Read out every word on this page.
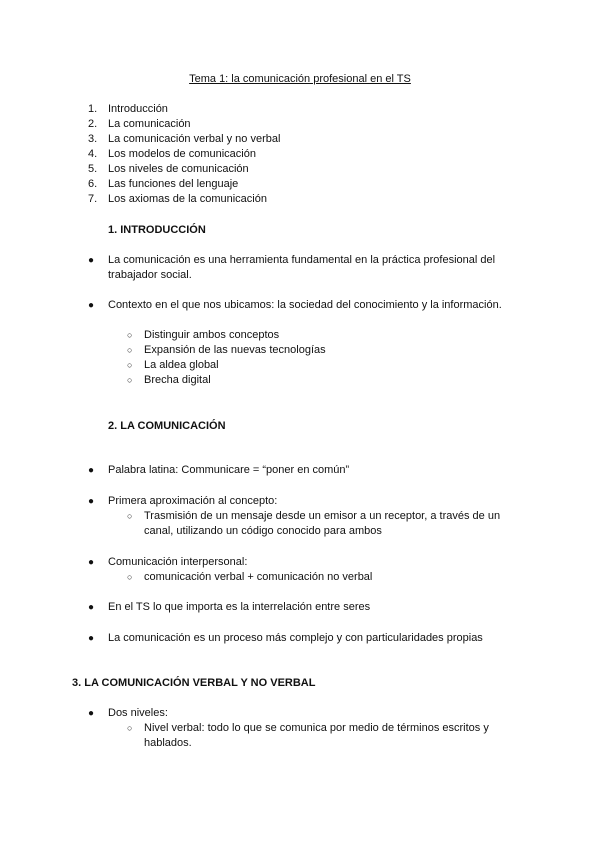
Tema 1: la comunicación profesional en el TS
1. Introducción
2. La comunicación
3. La comunicación verbal y no verbal
4. Los modelos de comunicación
5. Los niveles de comunicación
6. Las funciones del lenguaje
7. Los axiomas de la comunicación
1. INTRODUCCIÓN
● La comunicación es una herramienta fundamental en la práctica profesional del
trabajador social.
● Contexto en el que nos ubicamos: la sociedad del conocimiento y la información.
○ Distinguir ambos conceptos
○ Expansión de las nuevas tecnologías
○ La aldea global
○ Brecha digital
2. LA COMUNICACIÓN
● Palabra latina: Communicare = “poner en común”
● Primera aproximación al concepto:
○ Trasmisión de un mensaje desde un emisor a un receptor, a través de un
canal, utilizando un código conocido para ambos
● Comunicación interpersonal:
○ comunicación verbal + comunicación no verbal
● En el TS lo que importa es la interrelación entre seres
● La comunicación es un proceso más complejo y con particularidades propias
3. LA COMUNICACIÓN VERBAL Y NO VERBAL
● Dos niveles:
○ Nivel verbal: todo lo que se comunica por medio de términos escritos y
hablados.
